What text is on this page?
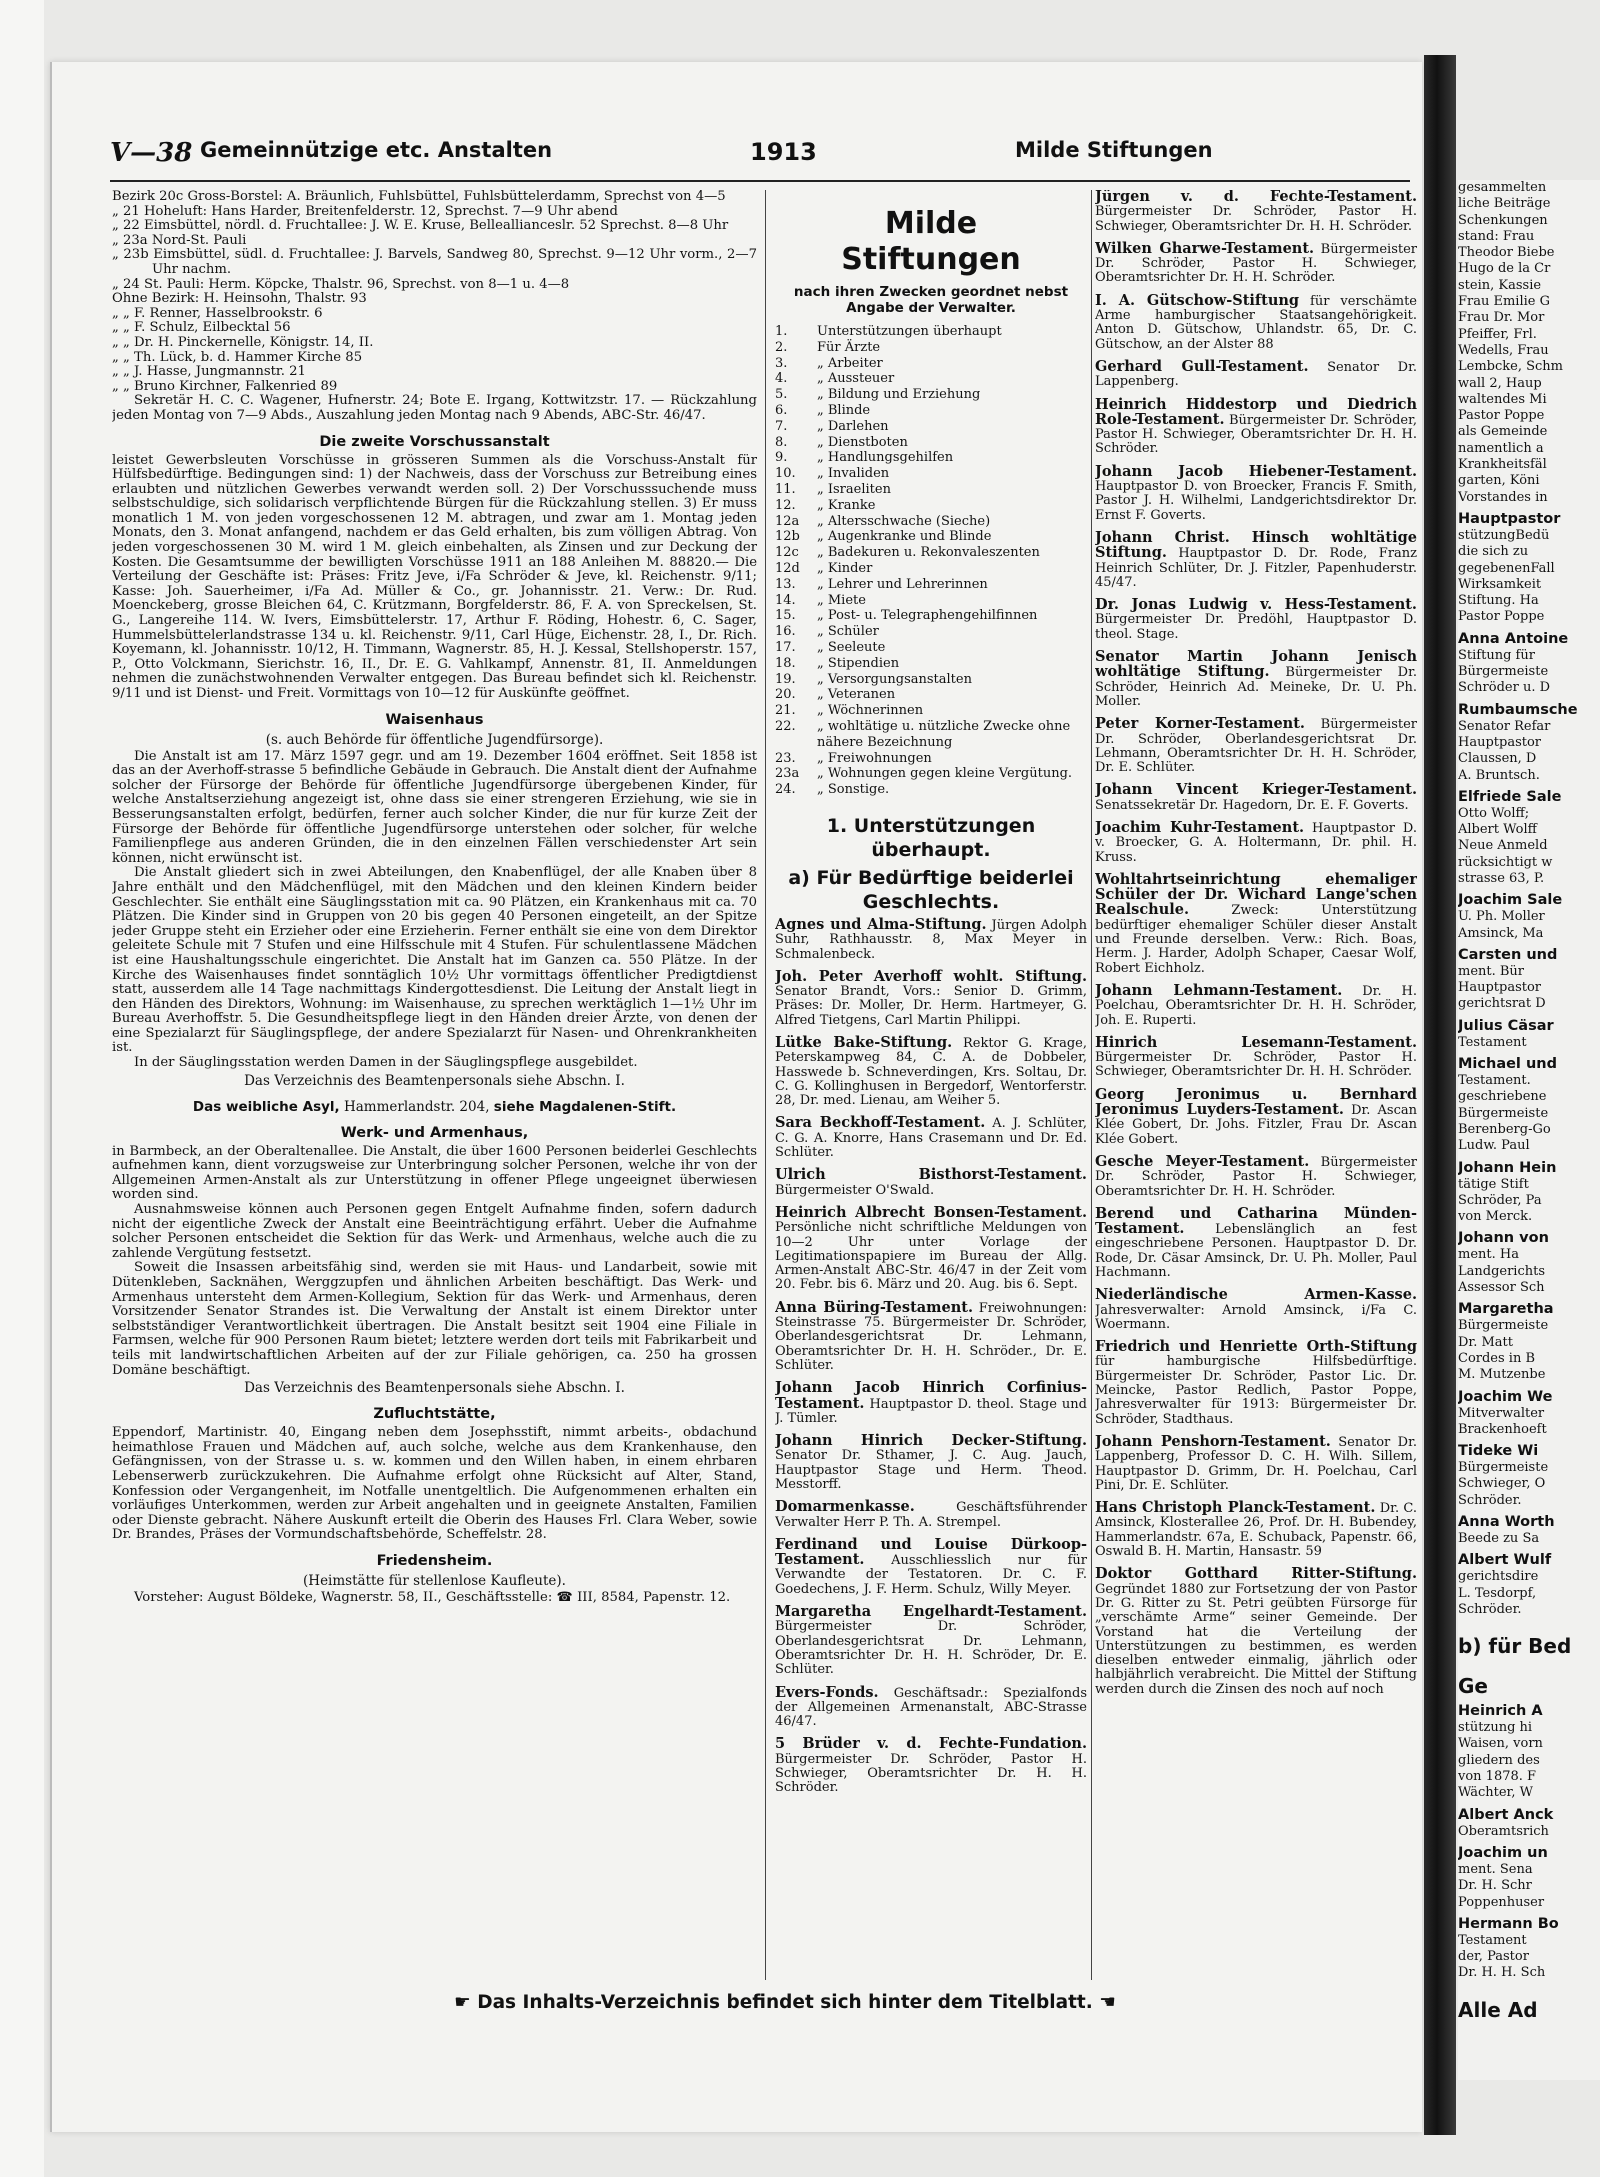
V—38 Gemeinnützige etc. Anstalten	1913	Milde Stiftungen

Bezirk 20c Gross-Borstel: A. Bräunlich, Fuhlsbüttel, Fuhlsbüttelerdamm, Sprechst von 4—5

„ 21 Hoheluft: Hans Harder, Breitenfelderstr. 12, Sprechst. 7—9 Uhr abend

„ 22 Eimsbüttel, nördl. d. Fruchtallee: J. W. E. Kruse, Belleallianceslr. 52 Sprechst. 8—8 Uhr

„ 23a Nord-St. Pauli

„ 23b Eimsbüttel, südl. d. Fruchtallee: J. Barvels, Sandweg 80, Sprechst. 9—12 Uhr vorm., 2—7 Uhr nachm.

„ 24 St. Pauli: Herm. Köpcke, Thalstr. 96, Sprechst. von 8—1 u. 4—8

Ohne Bezirk: H. Heinsohn, Thalstr. 93

„ „ F. Renner, Hasselbrookstr. 6

„ „ F. Schulz, Eilbecktal 56

„ „ Dr. H. Pinckernelle, Königstr. 14, II.

„ „ Th. Lück, b. d. Hammer Kirche 85

„ „ J. Hasse, Jungmannstr. 21

„ „ Bruno Kirchner, Falkenried 89

Sekretär H. C. C. Wagener, Hufnerstr. 24; Bote E. Irgang, Kottwitzstr. 17. — Rückzahlung jeden Montag von 7—9 Abds., Auszahlung jeden Montag nach 9 Abends, ABC-Str. 46/47.

Die zweite Vorschussanstalt

leistet Gewerbsleuten Vorschüsse in grösseren Summen als die Vorschuss-Anstalt für Hülfsbedürftige. Bedingungen sind: 1) der Nachweis, dass der Vorschuss zur Betreibung eines erlaubten und nützlichen Gewerbes verwandt werden soll. 2) Der Vorschusssuchende muss selbstschuldige, sich solidarisch verpflichtende Bürgen für die Rückzahlung stellen. 3) Er muss monatlich 1 M. von jeden vorgeschossenen 12 M. abtragen, und zwar am 1. Montag jeden Monats, den 3. Monat anfangend, nachdem er das Geld erhalten, bis zum völligen Abtrag. Von jeden vorgeschossenen 30 M. wird 1 M. gleich einbehalten, als Zinsen und zur Deckung der Kosten. Die Gesamtsumme der bewilligten Vorschüsse 1911 an 188 Anleihen M. 88820.— Die Verteilung der Geschäfte ist: Präses: Fritz Jeve, i/Fa Schröder & Jeve, kl. Reichenstr. 9/11; Kasse: Joh. Sauerheimer, i/Fa Ad. Müller & Co., gr. Johannisstr. 21. Verw.: Dr. Rud. Moenckeberg, grosse Bleichen 64, C. Krützmann, Borgfelderstr. 86, F. A. von Spreckelsen, St. G., Langereihe 114. W. Ivers, Eimsbüttelerstr. 17, Arthur F. Röding, Hohestr. 6, C. Sager, Hummelsbüttelerlandstrasse 134 u. kl. Reichenstr. 9/11, Carl Hüge, Eichenstr. 28, I., Dr. Rich. Koyemann, kl. Johannisstr. 10/12, H. Timmann, Wagnerstr. 85, H. J. Kessal, Stellshoperstr. 157, P., Otto Volckmann, Sierichstr. 16, II., Dr. E. G. Vahlkampf, Annenstr. 81, II. Anmeldungen nehmen die zunächstwohnenden Verwalter entgegen. Das Bureau befindet sich kl. Reichenstr. 9/11 und ist Dienst- und Freit. Vormittags von 10—12 für Auskünfte geöffnet.

Waisenhaus
(s. auch Behörde für öffentliche Jugendfürsorge).

Die Anstalt ist am 17. März 1597 gegr. und am 19. Dezember 1604 eröffnet. Seit 1858 ist das an der Averhoff-strasse 5 befindliche Gebäude in Gebrauch. Die Anstalt dient der Aufnahme solcher der Fürsorge der Behörde für öffentliche Jugendfürsorge übergebenen Kinder, für welche Anstaltserziehung angezeigt ist, ohne dass sie einer strengeren Erziehung, wie sie in Besserungsanstalten erfolgt, bedürfen, ferner auch solcher Kinder, die nur für kurze Zeit der Fürsorge der Behörde für öffentliche Jugendfürsorge unterstehen oder solcher, für welche Familienpflege aus anderen Gründen, die in den einzelnen Fällen verschiedenster Art sein können, nicht erwünscht ist.

Die Anstalt gliedert sich in zwei Abteilungen, den Knabenflügel, der alle Knaben über 8 Jahre enthält und den Mädchenflügel, mit den Mädchen und den kleinen Kindern beider Geschlechter. Sie enthält eine Säuglingsstation mit ca. 90 Plätzen, ein Krankenhaus mit ca. 70 Plätzen. Die Kinder sind in Gruppen von 20 bis gegen 40 Personen eingeteilt, an der Spitze jeder Gruppe steht ein Erzieher oder eine Erzieherin. Ferner enthält sie eine von dem Direktor geleitete Schule mit 7 Stufen und eine Hilfsschule mit 4 Stufen. Für schulentlassene Mädchen ist eine Haushaltungsschule eingerichtet. Die Anstalt hat im Ganzen ca. 550 Plätze. In der Kirche des Waisenhauses findet sonntäglich 10½ Uhr vormittags öffentlicher Predigtdienst statt, ausserdem alle 14 Tage nachmittags Kindergottesdienst. Die Leitung der Anstalt liegt in den Händen des Direktors, Wohnung: im Waisenhause, zu sprechen werktäglich 1—1½ Uhr im Bureau Averhoffstr. 5. Die Gesundheitspflege liegt in den Händen dreier Ärzte, von denen der eine Spezialarzt für Säuglingspflege, der andere Spezialarzt für Nasen- und Ohrenkrankheiten ist.

In der Säuglingsstation werden Damen in der Säuglingspflege ausgebildet.

Das Verzeichnis des Beamtenpersonals siehe Abschn. I.
Das weibliche Asyl, Hammerlandstr. 204, siehe Magdalenen-Stift.
Werk- und Armenhaus,

in Barmbeck, an der Oberaltenallee. Die Anstalt, die über 1600 Personen beiderlei Geschlechts aufnehmen kann, dient vorzugsweise zur Unterbringung solcher Personen, welche ihr von der Allgemeinen Armen-Anstalt als zur Unterstützung in offener Pflege ungeeignet überwiesen worden sind.

Ausnahmsweise können auch Personen gegen Entgelt Aufnahme finden, sofern dadurch nicht der eigentliche Zweck der Anstalt eine Beeinträchtigung erfährt. Ueber die Aufnahme solcher Personen entscheidet die Sektion für das Werk- und Armenhaus, welche auch die zu zahlende Vergütung festsetzt.

Soweit die Insassen arbeitsfähig sind, werden sie mit Haus- und Landarbeit, sowie mit Dütenkleben, Sacknähen, Werggzupfen und ähnlichen Arbeiten beschäftigt. Das Werk- und Armenhaus untersteht dem Armen-Kollegium, Sektion für das Werk- und Armenhaus, deren Vorsitzender Senator Strandes ist. Die Verwaltung der Anstalt ist einem Direktor unter selbstständiger Verantwortlichkeit übertragen. Die Anstalt besitzt seit 1904 eine Filiale in Farmsen, welche für 900 Personen Raum bietet; letztere werden dort teils mit Fabrikarbeit und teils mit landwirtschaftlichen Arbeiten auf der zur Filiale gehörigen, ca. 250 ha grossen Domäne beschäftigt.

Das Verzeichnis des Beamtenpersonals siehe Abschn. I.
Zufluchtstätte,

Eppendorf, Martinistr. 40, Eingang neben dem Josephsstift, nimmt arbeits-, obdachund heimathlose Frauen und Mädchen auf, auch solche, welche aus dem Krankenhause, den Gefängnissen, von der Strasse u. s. w. kommen und den Willen haben, in einem ehrbaren Lebenserwerb zurückzukehren. Die Aufnahme erfolgt ohne Rücksicht auf Alter, Stand, Konfession oder Vergangenheit, im Notfalle unentgeltlich. Die Aufgenommenen erhalten ein vorläufiges Unterkommen, werden zur Arbeit angehalten und in geeignete Anstalten, Familien oder Dienste gebracht. Nähere Auskunft erteilt die Oberin des Hauses Frl. Clara Weber, sowie Dr. Brandes, Präses der Vormundschaftsbehörde, Scheffelstr. 28.

Friedensheim.
(Heimstätte für stellenlose Kaufleute).

Vorsteher: August Böldeke, Wagnerstr. 58, II., Geschäftsstelle: ☎ III, 8584, Papenstr. 12.

Milde
Stiftungen
nach ihren Zwecken geordnet nebst Angabe der Verwalter.
1.	Unterstützungen überhaupt
2.	Für Ärzte
3.	„ Arbeiter
4.	„ Aussteuer
5.	„ Bildung und Erziehung
6.	„ Blinde
7.	„ Darlehen
8.	„ Dienstboten
9.	„ Handlungsgehilfen
10.	„ Invaliden
11.	„ Israeliten
12.	„ Kranke
12a	„ Altersschwache (Sieche)
12b	„ Augenkranke und Blinde
12c	„ Badekuren u. Rekonvaleszenten
12d	„ Kinder
13.	„ Lehrer und Lehrerinnen
14.	„ Miete
15.	„ Post- u. Telegraphengehilfinnen
16.	„ Schüler
17.	„ Seeleute
18.	„ Stipendien
19.	„ Versorgungsanstalten
20.	„ Veteranen
21.	„ Wöchnerinnen
22.	„ wohltätige u. nützliche Zwecke ohne nähere Bezeichnung
23.	„ Freiwohnungen
23a	„ Wohnungen gegen kleine Vergütung.
24.	„ Sonstige.
1. Unterstützungen überhaupt.
a) Für Bedürftige beiderlei Geschlechts.

Agnes und Alma-Stiftung. Jürgen Adolph Suhr, Rathhausstr. 8, Max Meyer in Schmalenbeck.

Joh. Peter Averhoff wohlt. Stiftung. Senator Brandt, Vors.: Senior D. Grimm, Präses: Dr. Moller, Dr. Herm. Hartmeyer, G. Alfred Tietgens, Carl Martin Philippi.

Lütke Bake-Stiftung. Rektor G. Krage, Peterskampweg 84, C. A. de Dobbeler, Hasswede b. Schneverdingen, Krs. Soltau, Dr. C. G. Kollinghusen in Bergedorf, Wentorferstr. 28, Dr. med. Lienau, am Weiher 5.

Sara Beckhoff-Testament. A. J. Schlüter, C. G. A. Knorre, Hans Crasemann und Dr. Ed. Schlüter.

Ulrich Bisthorst-Testament. Bürgermeister O'Swald.

Heinrich Albrecht Bonsen-Testament. Persönliche nicht schriftliche Meldungen von 10—2 Uhr unter Vorlage der Legitimationspapiere im Bureau der Allg. Armen-Anstalt ABC-Str. 46/47 in der Zeit vom 20. Febr. bis 6. März und 20. Aug. bis 6. Sept.

Anna Büring-Testament. Freiwohnungen: Steinstrasse 75. Bürgermeister Dr. Schröder, Oberlandesgerichtsrat Dr. Lehmann, Oberamtsrichter Dr. H. H. Schröder., Dr. E. Schlüter.

Johann Jacob Hinrich Corfinius-Testament. Hauptpastor D. theol. Stage und J. Tümler.

Johann Hinrich Decker-Stiftung. Senator Dr. Sthamer, J. C. Aug. Jauch, Hauptpastor Stage und Herm. Theod. Messtorff.

Domarmenkasse. Geschäftsführender Verwalter Herr P. Th. A. Strempel.

Ferdinand und Louise Dürkoop-Testament. Ausschliesslich nur für Verwandte der Testatoren. Dr. C. F. Goedechens, J. F. Herm. Schulz, Willy Meyer.

Margaretha Engelhardt-Testament. Bürgermeister Dr. Schröder, Oberlandesgerichtsrat Dr. Lehmann, Oberamtsrichter Dr. H. H. Schröder, Dr. E. Schlüter.

Evers-Fonds. Geschäftsadr.: Spezialfonds der Allgemeinen Armenanstalt, ABC-Strasse 46/47.

5 Brüder v. d. Fechte-Fundation. Bürgermeister Dr. Schröder, Pastor H. Schwieger, Oberamtsrichter Dr. H. H. Schröder.

Jürgen v. d. Fechte-Testament. Bürgermeister Dr. Schröder, Pastor H. Schwieger, Oberamtsrichter Dr. H. H. Schröder.

Wilken Gharwe-Testament. Bürgermeister Dr. Schröder, Pastor H. Schwieger, Oberamtsrichter Dr. H. H. Schröder.

I. A. Gütschow-Stiftung für verschämte Arme hamburgischer Staatsangehörigkeit. Anton D. Gütschow, Uhlandstr. 65, Dr. C. Gütschow, an der Alster 88

Gerhard Gull-Testament. Senator Dr. Lappenberg.

Heinrich Hiddestorp und Diedrich Role-Testament. Bürgermeister Dr. Schröder, Pastor H. Schwieger, Oberamtsrichter Dr. H. H. Schröder.

Johann Jacob Hiebener-Testament. Hauptpastor D. von Broecker, Francis F. Smith, Pastor J. H. Wilhelmi, Landgerichtsdirektor Dr. Ernst F. Goverts.

Johann Christ. Hinsch wohltätige Stiftung. Hauptpastor D. Dr. Rode, Franz Heinrich Schlüter, Dr. J. Fitzler, Papenhuderstr. 45/47.

Dr. Jonas Ludwig v. Hess-Testament. Bürgermeister Dr. Predöhl, Hauptpastor D. theol. Stage.

Senator Martin Johann Jenisch wohltätige Stiftung. Bürgermeister Dr. Schröder, Heinrich Ad. Meineke, Dr. U. Ph. Moller.

Peter Korner-Testament. Bürgermeister Dr. Schröder, Oberlandesgerichtsrat Dr. Lehmann, Oberamtsrichter Dr. H. H. Schröder, Dr. E. Schlüter.

Johann Vincent Krieger-Testament. Senatssekretär Dr. Hagedorn, Dr. E. F. Goverts.

Joachim Kuhr-Testament. Hauptpastor D. v. Broecker, G. A. Holtermann, Dr. phil. H. Kruss.

Wohltahrtseinrichtung ehemaliger Schüler der Dr. Wichard Lange'schen Realschule. Zweck: Unterstützung bedürftiger ehemaliger Schüler dieser Anstalt und Freunde derselben. Verw.: Rich. Boas, Herm. J. Harder, Adolph Schaper, Caesar Wolf, Robert Eichholz.

Johann Lehmann-Testament. Dr. H. Poelchau, Oberamtsrichter Dr. H. H. Schröder, Joh. E. Ruperti.

Hinrich Lesemann-Testament. Bürgermeister Dr. Schröder, Pastor H. Schwieger, Oberamtsrichter Dr. H. H. Schröder.

Georg Jeronimus u. Bernhard Jeronimus Luyders-Testament. Dr. Ascan Klée Gobert, Dr. Johs. Fitzler, Frau Dr. Ascan Klée Gobert.

Gesche Meyer-Testament. Bürgermeister Dr. Schröder, Pastor H. Schwieger, Oberamtsrichter Dr. H. H. Schröder.

Berend und Catharina Münden-Testament. Lebenslänglich an fest eingeschriebene Personen. Hauptpastor D. Dr. Rode, Dr. Cäsar Amsinck, Dr. U. Ph. Moller, Paul Hachmann.

Niederländische Armen-Kasse. Jahresverwalter: Arnold Amsinck, i/Fa C. Woermann.

Friedrich und Henriette Orth-Stiftung für hamburgische Hilfsbedürftige. Bürgermeister Dr. Schröder, Pastor Lic. Dr. Meincke, Pastor Redlich, Pastor Poppe, Jahresverwalter für 1913: Bürgermeister Dr. Schröder, Stadthaus.

Johann Penshorn-Testament. Senator Dr. Lappenberg, Professor D. C. H. Wilh. Sillem, Hauptpastor D. Grimm, Dr. H. Poelchau, Carl Pini, Dr. E. Schlüter.

Hans Christoph Planck-Testament. Dr. C. Amsinck, Klosterallee 26, Prof. Dr. H. Bubendey, Hammerlandstr. 67a, E. Schuback, Papenstr. 66, Oswald B. H. Martin, Hansastr. 59

Doktor Gotthard Ritter-Stiftung. Gegründet 1880 zur Fortsetzung der von Pastor Dr. G. Ritter zu St. Petri geübten Fürsorge für „verschämte Arme“ seiner Gemeinde. Der Vorstand hat die Verteilung der Unterstützungen zu bestimmen, es werden dieselben entweder einmalig, jährlich oder halbjährlich verabreicht. Die Mittel der Stiftung werden durch die Zinsen des noch auf noch

gesammelten
liche Beiträge
Schenkungen
stand: Frau
Theodor Biebe
Hugo de la Cr
stein, Kassie
Frau Emilie G
Frau Dr. Mor
Pfeiffer, Frl.
Wedells, Frau
Lembcke, Schm
wall 2, Haup
waltendes Mi
Pastor Poppe
als Gemeinde
namentlich a
Krankheitsfäl
garten, Köni
Vorstandes in
Hauptpastor
stützungBedü
die sich zu
gegebenenFall
Wirksamkeit
Stiftung. Ha
Pastor Poppe
Anna Antoine
Stiftung für
Bürgermeiste
Schröder u. D
Rumbaumsche
Senator Refar
Hauptpastor
Claussen, D
A. Bruntsch.
Elfriede Sale
Otto Wolff;
Albert Wolff
Neue Anmeld
rücksichtigt w
strasse 63, P.
Joachim Sale
U. Ph. Moller
Amsinck, Ma
Carsten und
ment. Bür
Hauptpastor
gerichtsrat D
Julius Cäsar
Testament
Michael und
Testament.
geschriebene
Bürgermeiste
Berenberg-Go
Ludw. Paul
Johann Hein
tätige Stift
Schröder, Pa
von Merck.
Johann von
ment. Ha
Landgerichts
Assessor Sch
Margaretha
Bürgermeiste
Dr. Matt
Cordes in B
M. Mutzenbe
Joachim We
Mitverwalter
Brackenhoeft
Tideke Wi
Bürgermeiste
Schwieger, O
Schröder.
Anna Worth
Beede zu Sa
Albert Wulf
gerichtsdire
L. Tesdorpf,
Schröder.
b) für Bed
Ge
Heinrich A
stützung hi
Waisen, vorn
gliedern des
von 1878. F
Wächter, W
Albert Anck
Oberamtsrich
Joachim un
ment. Sena
Dr. H. Schr
Poppenhuser
Hermann Bo
Testament
der, Pastor
Dr. H. H. Sch
Alle Ad
☛ Das Inhalts-Verzeichnis befindet sich hinter dem Titelblatt. ☚
